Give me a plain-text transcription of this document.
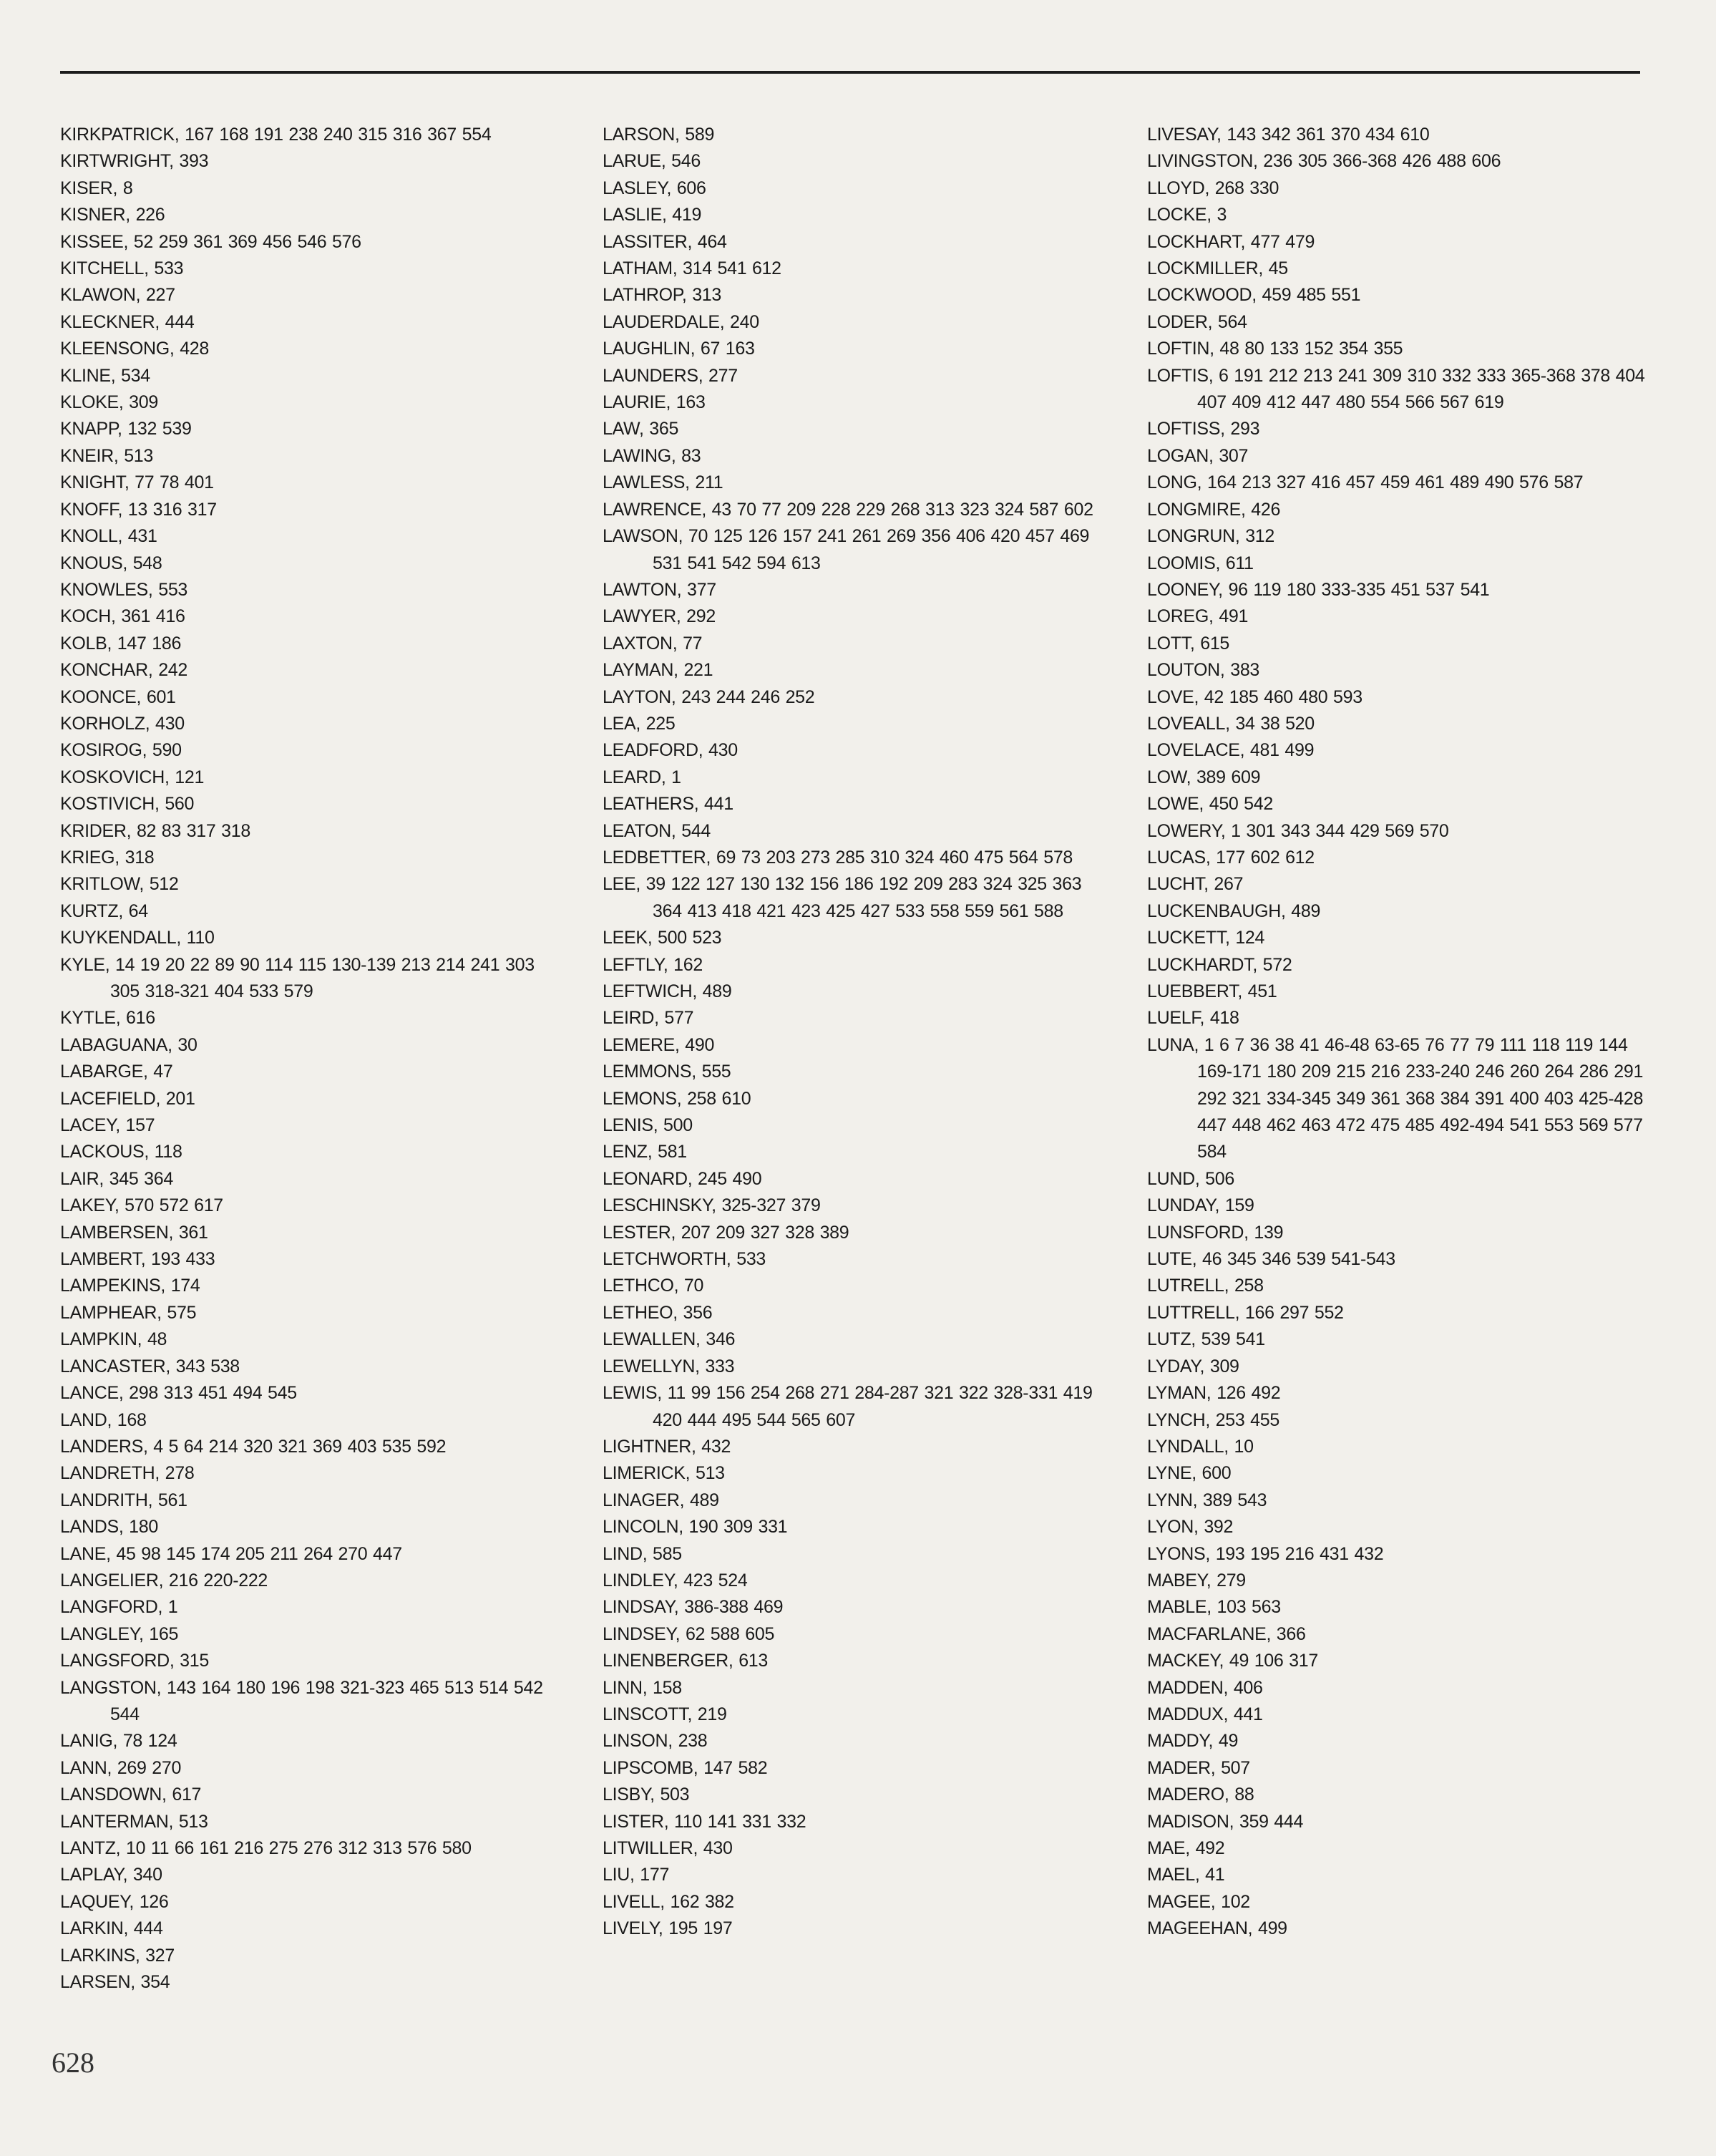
KIRKPATRICK, 167 168 191 238 240 315 316 367 554
KIRTWRIGHT, 393
KISER, 8
KISNER, 226
KISSEE, 52 259 361 369 456 546 576
KITCHELL, 533
KLAWON, 227
KLECKNER, 444
KLEENSONG, 428
KLINE, 534
KLOKE, 309
KNAPP, 132 539
KNEIR, 513
KNIGHT, 77 78 401
KNOFF, 13 316 317
KNOLL, 431
KNOUS, 548
KNOWLES, 553
KOCH, 361 416
KOLB, 147 186
KONCHAR, 242
KOONCE, 601
KORHOLZ, 430
KOSIROG, 590
KOSKOVICH, 121
KOSTIVICH, 560
KRIDER, 82 83 317 318
KRIEG, 318
KRITLOW, 512
KURTZ, 64
KUYKENDALL, 110
KYLE, 14 19 20 22 89 90 114 115 130-139 213 214 241 303 305 318-321 404 533 579
KYTLE, 616
LABAGUANA, 30
LABARGE, 47
LACEFIELD, 201
LACEY, 157
LACKOUS, 118
LAIR, 345 364
LAKEY, 570 572 617
LAMBERSEN, 361
LAMBERT, 193 433
LAMPEKINS, 174
LAMPHEAR, 575
LAMPKIN, 48
LANCASTER, 343 538
LANCE, 298 313 451 494 545
LAND, 168
LANDERS, 4 5 64 214 320 321 369 403 535 592
LANDRETH, 278
LANDRITH, 561
LANDS, 180
LANE, 45 98 145 174 205 211 264 270 447
LANGELIER, 216 220-222
LANGFORD, 1
LANGLEY, 165
LANGSFORD, 315
LANGSTON, 143 164 180 196 198 321-323 465 513 514 542 544
LANIG, 78 124
LANN, 269 270
LANSDOWN, 617
LANTERMAN, 513
LANTZ, 10 11 66 161 216 275 276 312 313 576 580
LAPLAY, 340
LAQUEY, 126
LARKIN, 444
LARKINS, 327
LARSEN, 354
LARSON, 589
LARUE, 546
LASLEY, 606
LASLIE, 419
LASSITER, 464
LATHAM, 314 541 612
LATHROP, 313
LAUDERDALE, 240
LAUGHLIN, 67 163
LAUNDERS, 277
LAURIE, 163
LAW, 365
LAWING, 83
LAWLESS, 211
LAWRENCE, 43 70 77 209 228 229 268 313 323 324 587 602
LAWSON, 70 125 126 157 241 261 269 356 406 420 457 469 531 541 542 594 613
LAWTON, 377
LAWYER, 292
LAXTON, 77
LAYMAN, 221
LAYTON, 243 244 246 252
LEA, 225
LEADFORD, 430
LEARD, 1
LEATHERS, 441
LEATON, 544
LEDBETTER, 69 73 203 273 285 310 324 460 475 564 578
LEE, 39 122 127 130 132 156 186 192 209 283 324 325 363 364 413 418 421 423 425 427 533 558 559 561 588
LEEK, 500 523
LEFTLY, 162
LEFTWICH, 489
LEIRD, 577
LEMERE, 490
LEMMONS, 555
LEMONS, 258 610
LENIS, 500
LENZ, 581
LEONARD, 245 490
LESCHINSKY, 325-327 379
LESTER, 207 209 327 328 389
LETCHWORTH, 533
LETHCO, 70
LETHEO, 356
LEWALLEN, 346
LEWELLYN, 333
LEWIS, 11 99 156 254 268 271 284-287 321 322 328-331 419 420 444 495 544 565 607
LIGHTNER, 432
LIMERICK, 513
LINAGER, 489
LINCOLN, 190 309 331
LIND, 585
LINDLEY, 423 524
LINDSAY, 386-388 469
LINDSEY, 62 588 605
LINENBERGER, 613
LINN, 158
LINSCOTT, 219
LINSON, 238
LIPSCOMB, 147 582
LISBY, 503
LISTER, 110 141 331 332
LITWILLER, 430
LIU, 177
LIVELL, 162 382
LIVELY, 195 197
LIVESAY, 143 342 361 370 434 610
LIVINGSTON, 236 305 366-368 426 488 606
LLOYD, 268 330
LOCKE, 3
LOCKHART, 477 479
LOCKMILLER, 45
LOCKWOOD, 459 485 551
LODER, 564
LOFTIN, 48 80 133 152 354 355
LOFTIS, 6 191 212 213 241 309 310 332 333 365-368 378 404 407 409 412 447 480 554 566 567 619
LOFTISS, 293
LOGAN, 307
LONG, 164 213 327 416 457 459 461 489 490 576 587
LONGMIRE, 426
LONGRUN, 312
LOOMIS, 611
LOONEY, 96 119 180 333-335 451 537 541
LOREG, 491
LOTT, 615
LOUTON, 383
LOVE, 42 185 460 480 593
LOVEALL, 34 38 520
LOVELACE, 481 499
LOW, 389 609
LOWE, 450 542
LOWERY, 1 301 343 344 429 569 570
LUCAS, 177 602 612
LUCHT, 267
LUCKENBAUGH, 489
LUCKETT, 124
LUCKHARDT, 572
LUEBBERT, 451
LUELF, 418
LUNA, 1 6 7 36 38 41 46-48 63-65 76 77 79 111 118 119 144 169-171 180 209 215 216 233-240 246 260 264 286 291 292 321 334-345 349 361 368 384 391 400 403 425-428 447 448 462 463 472 475 485 492-494 541 553 569 577 584
LUND, 506
LUNDAY, 159
LUNSFORD, 139
LUTE, 46 345 346 539 541-543
LUTRELL, 258
LUTTRELL, 166 297 552
LUTZ, 539 541
LYDAY, 309
LYMAN, 126 492
LYNCH, 253 455
LYNDALL, 10
LYNE, 600
LYNN, 389 543
LYON, 392
LYONS, 193 195 216 431 432
MABEY, 279
MABLE, 103 563
MACFARLANE, 366
MACKEY, 49 106 317
MADDEN, 406
MADDUX, 441
MADDY, 49
MADER, 507
MADERO, 88
MADISON, 359 444
MAE, 492
MAEL, 41
MAGEE, 102
MAGEEHAN, 499
628
